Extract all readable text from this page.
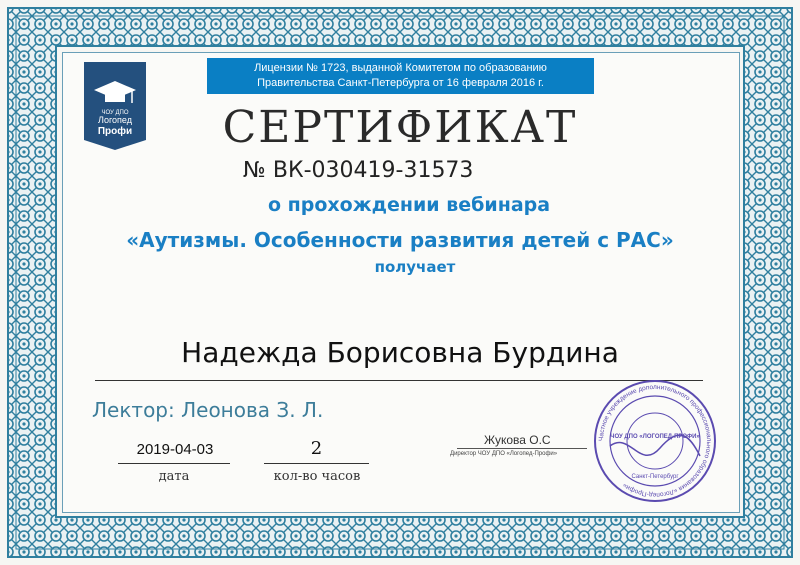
ЧОУ ДПО
Логопед
Профи
Лицензии № 1723, выданной Комитетом по образованию
Правительства Санкт-Петербурга от 16 февраля 2016 г.
СЕРТИФИКАТ
№ ВК-030419-31573
о прохождении вебинара
«Аутизмы. Особенности развития детей с РАС»
получает
Надежда Борисовна Бурдина
Лектор: Леонова З. Л.
2019-04-03
дата
2
кол-во часов
Жукова О.С
Директор ЧОУ ДПО «Логопед-Профи»
Частное учреждение дополнительного профессионального образования «Логопед-Профи»
ЧОУ ДПО «ЛОГОПЕД-ПРОФИ»
Санкт-Петербург
